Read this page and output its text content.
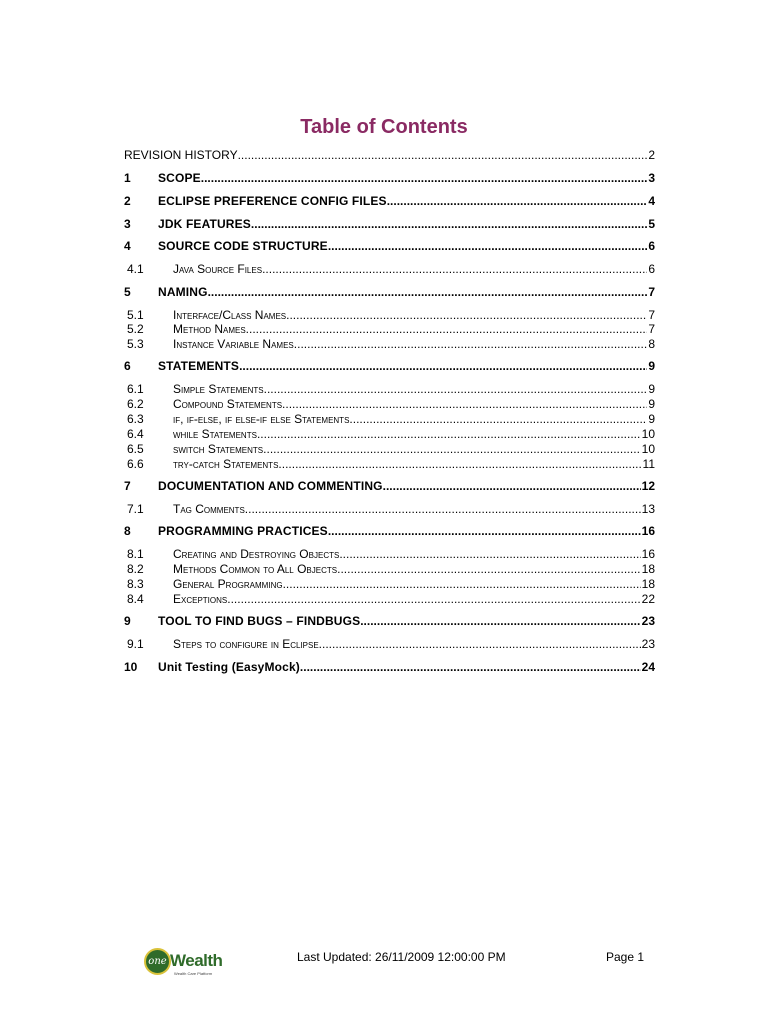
Table of Contents
REVISION HISTORY .....	2
1 SCOPE .....	3
2 ECLIPSE PREFERENCE CONFIG FILES .....	4
3 JDK FEATURES .....	5
4 SOURCE CODE STRUCTURE .....	6
4.1 Java Source Files .....	6
5 NAMING .....	7
5.1 Interface/Class Names .....	7
5.2 Method Names .....	7
5.3 Instance Variable Names .....	8
6 STATEMENTS .....	9
6.1 Simple Statements .....	9
6.2 Compound Statements .....	9
6.3 if, if-else, if else-if else Statements .....	9
6.4 while Statements .....	10
6.5 switch Statements .....	10
6.6 try-catch Statements .....	11
7 DOCUMENTATION AND COMMENTING .....	12
7.1 Tag Comments .....	13
8 PROGRAMMING PRACTICES .....	16
8.1 Creating and Destroying Objects .....	16
8.2 Methods Common to All Objects .....	18
8.3 General Programming .....	18
8.4 Exceptions .....	22
9 TOOL TO FIND BUGS – FINDBUGS .....	23
9.1 Steps to configure in Eclipse .....	23
10 Unit Testing (EasyMock) .....	24
one Wealth
Wealth Care Platform
Last Updated: 26/11/2009 12:00:00 PM	Page 1
